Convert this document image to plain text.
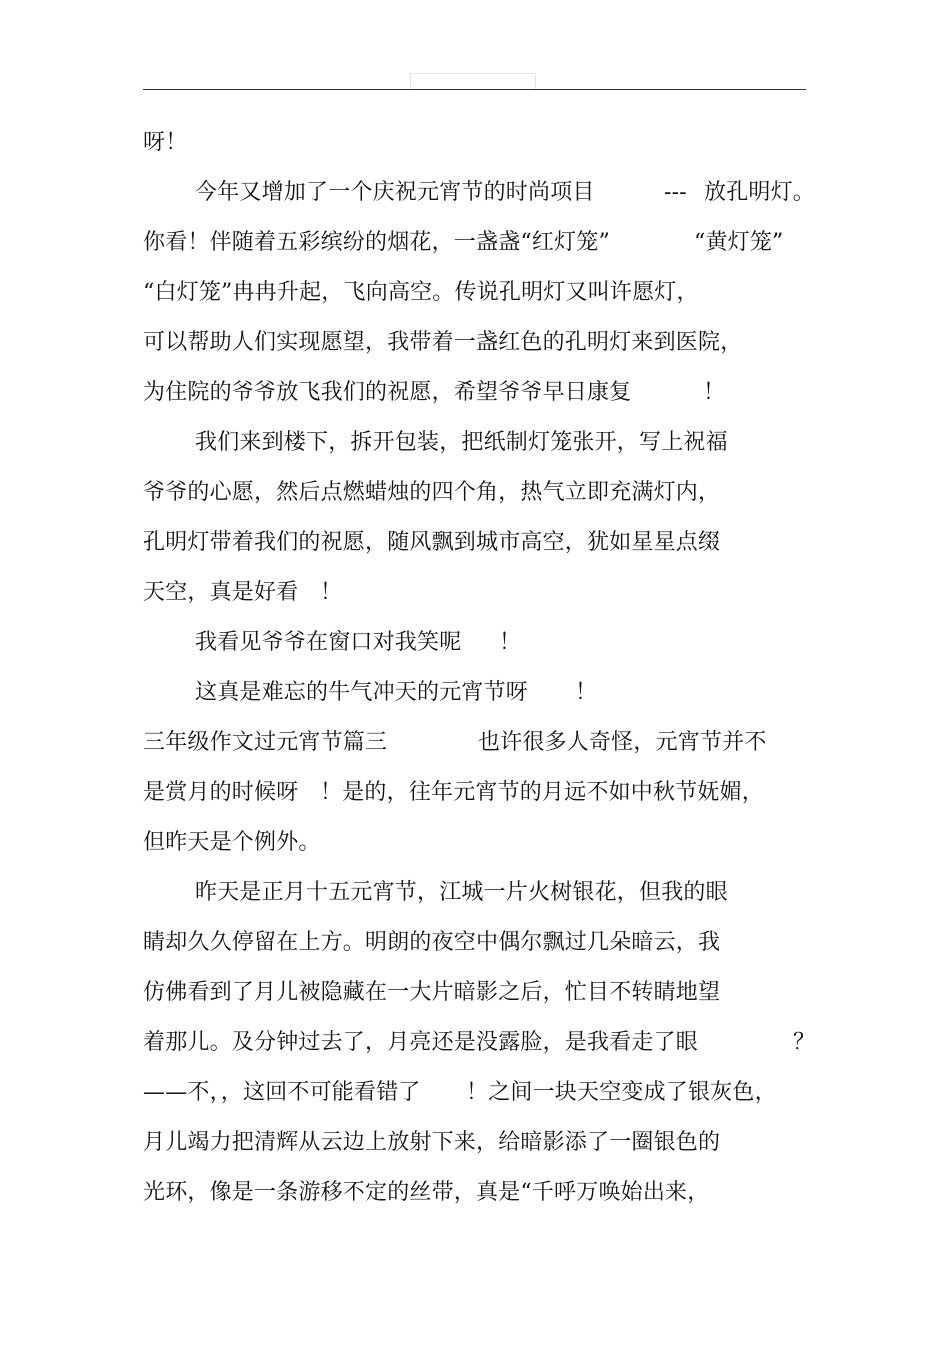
呀！

今年又增加了一个庆祝元宵节的时尚项目

	---

放孔明灯。

你看！伴随着五彩缤纷的烟花，一盏盏“红灯笼”

	“黄灯笼”

“白灯笼”冉冉升起，飞向高空。传说孔明灯又叫许愿灯，

可以帮助人们实现愿望，我带着一盏红色的孔明灯来到医院，

为住院的爷爷放飞我们的祝愿，希望爷爷早日康复

	！

我们来到楼下，拆开包装，把纸制灯笼张开，写上祝福

爷爷的心愿，然后点燃蜡烛的四个角，热气立即充满灯内，

孔明灯带着我们的祝愿，随风飘到城市高空，犹如星星点缀

天空，真是好看

！

我看见爷爷在窗口对我笑呢

！

这真是难忘的牛气冲天的元宵节呀

！

三年级作文过元宵节篇三

	也许很多人奇怪，元宵节并不

是赏月的时候呀

！是的，往年元宵节的月远不如中秋节妩媚，

但昨天是个例外。

昨天是正月十五元宵节，江城一片火树银花，但我的眼

睛却久久停留在上方。明朗的夜空中偶尔飘过几朵暗云，我

仿佛看到了月儿被隐藏在一大片暗影之后，忙目不转睛地望

着那儿。及分钟过去了，月亮还是没露脸，是我看走了眼

	？

——不，，这回不可能看错了

！之间一块天空变成了银灰色，

月儿竭力把清辉从云边上放射下来，给暗影添了一圈银色的

光环，像是一条游移不定的丝带，真是“千呼万唤始出来，
